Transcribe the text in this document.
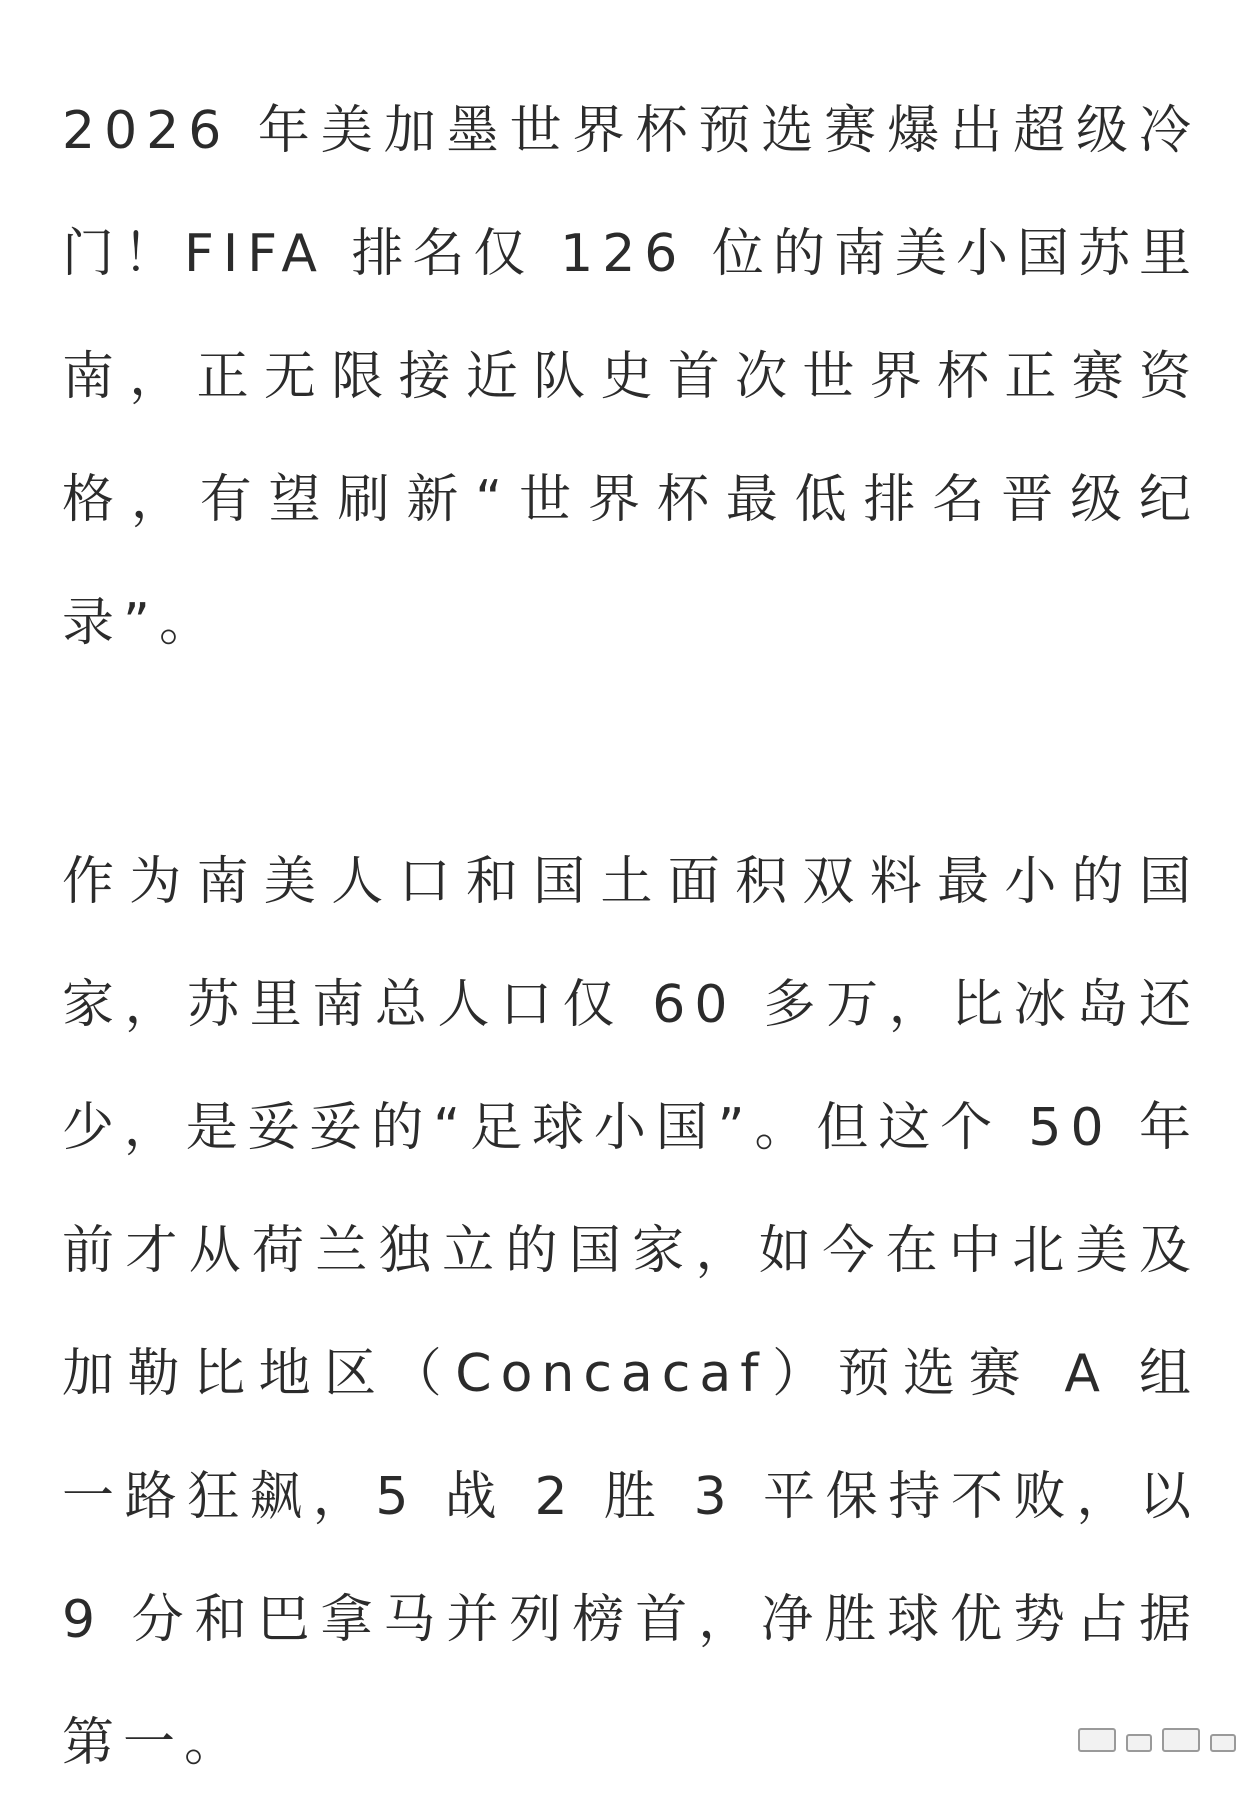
2026 年美加墨世界杯预选赛爆出超级冷门！FIFA 排名仅 126 位的南美小国苏里南，正无限接近队史首次世界杯正赛资格，有望刷新“世界杯最低排名晋级纪录”。

作为南美人口和国土面积双料最小的国家，苏里南总人口仅 60 多万，比冰岛还少，是妥妥的“足球小国”。但这个 50 年前才从荷兰独立的国家，如今在中北美及加勒比地区（Concacaf）预选赛 A 组一路狂飙，5 战 2 胜 3 平保持不败，以 9 分和巴拿马并列榜首，净胜球优势占据第一。
